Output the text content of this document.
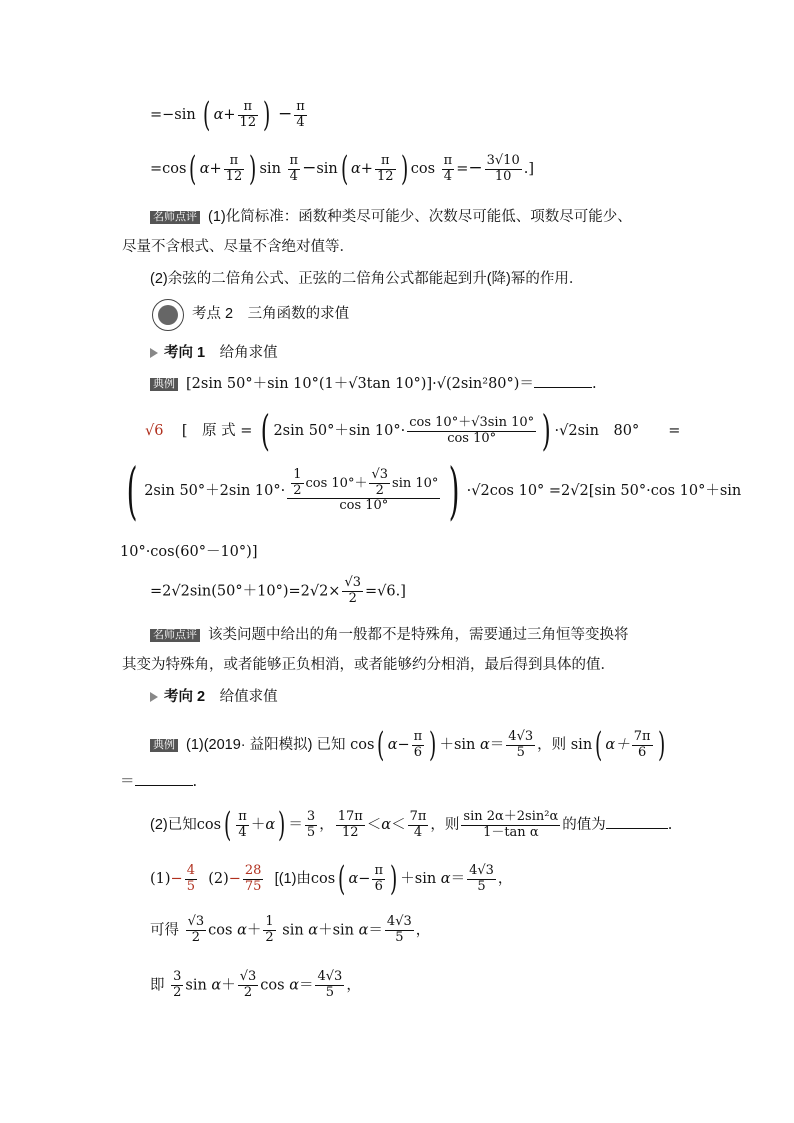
=−sin ( $\alpha+ \frac{\pi}{12}$ ) − $\frac{\pi}{4}$
=cos( $\alpha+ \frac{\pi}{12}$ ) $\sin \frac{\pi}{4} -\sin$( $\alpha+ \frac{\pi}{12}$ ) $\cos \frac{\pi}{4} =- \frac{3√10}{10}$ .]
名师点评 (1)化简标准：函数种类尽可能少、次数尽可能低、项数尽可能少、
尽量不含根式、尽量不含绝对值等．
(2)余弦的二倍角公式、正弦的二倍角公式都能起到升(降)幂的作用．
考点 2　三角函数的求值
考向 1　 给角求值
典例 [2sin 50°＋sin 10°(1＋√3tan 10°)]·√(2sin²80°)＝	.
√6 [　原 式 = ( 2sin 50°＋sin $10^\circ\cdot \frac{\cos 10^\circ+√3\sin 10^\circ}{\cos 10^\circ}$ ) ·√2sin　80°　　=
( 2sin 50°＋2sin $10^\circ\cdot \frac{\frac{1}{2} \cos 10^\circ+ \frac{√3}{2} \sin 10^\circ}{\cos 10^\circ}$ ) ·√2cos 10° =2√2[sin 50°·cos 10°＋sin
10°·cos(60°－10°)]
$=2√2\sin(50^\circ+10^\circ)=2√2\times \frac{√3}{2} =√6$.]
名师点评 该类问题中给出的角一般都不是特殊角，需要通过三角恒等变换将
其变为特殊角，或者能够正负相消，或者能够约分相消，最后得到具体的值．
考向 2　 给值求值
典例 (1)(2019· 益阳模拟) 已知 cos( $\alpha- \frac{\pi}{6}$ ) ＋sin $\alpha= \frac{4√3}{5}$ ，则 sin( $\alpha+ \frac{7\pi}{6}$ )
＝	.
(2)已知$\cos( \frac{\pi}{4} +\alpha) = \frac{3}{5}$ ， $\frac{17\pi}{12} <\alpha< \frac{7\pi}{4}$ ，则 $\frac{\text{sin 2α＋2sin²α}}{\text{1－tan α}}$ 的值为	.
$(1)- \frac{4}{5} (2)- \frac{28}{75} [(1)$由cos( $\alpha- \frac{\pi}{6}$ ) ＋sin $\alpha= \frac{4√3}{5}$ ，
可得 $\frac{√3}{2}$ $\cos \alpha+ \frac{1}{2}$ sin α＋sin $\alpha= \frac{4√3}{5}$ ，
即 $\frac{3}{2}$ $\sin \alpha+ \frac{√3}{2}$ $\cos \alpha= \frac{4√3}{5}$ ，
